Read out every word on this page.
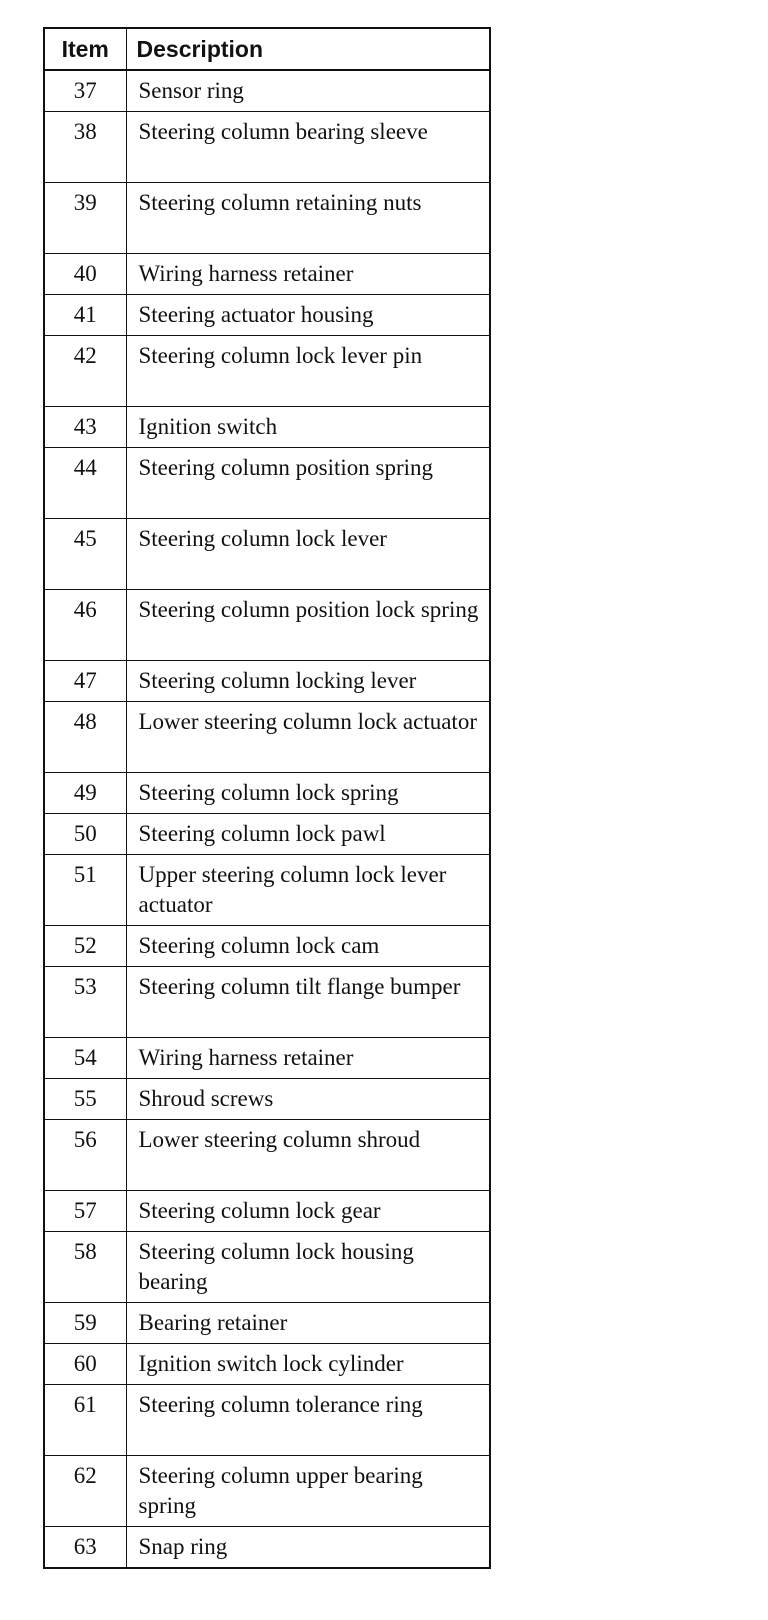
Item	Description
37	Sensor ring
38	Steering column bearing sleeve
39	Steering column retaining nuts
40	Wiring harness retainer
41	Steering actuator housing
42	Steering column lock lever pin
43	Ignition switch
44	Steering column position spring
45	Steering column lock lever
46	Steering column position lock spring
47	Steering column locking lever
48	Lower steering column lock actuator
49	Steering column lock spring
50	Steering column lock pawl
51	Upper steering column lock lever actuator
52	Steering column lock cam
53	Steering column tilt flange bumper
54	Wiring harness retainer
55	Shroud screws
56	Lower steering column shroud
57	Steering column lock gear
58	Steering column lock housing bearing
59	Bearing retainer
60	Ignition switch lock cylinder
61	Steering column tolerance ring
62	Steering column upper bearing spring
63	Snap ring
